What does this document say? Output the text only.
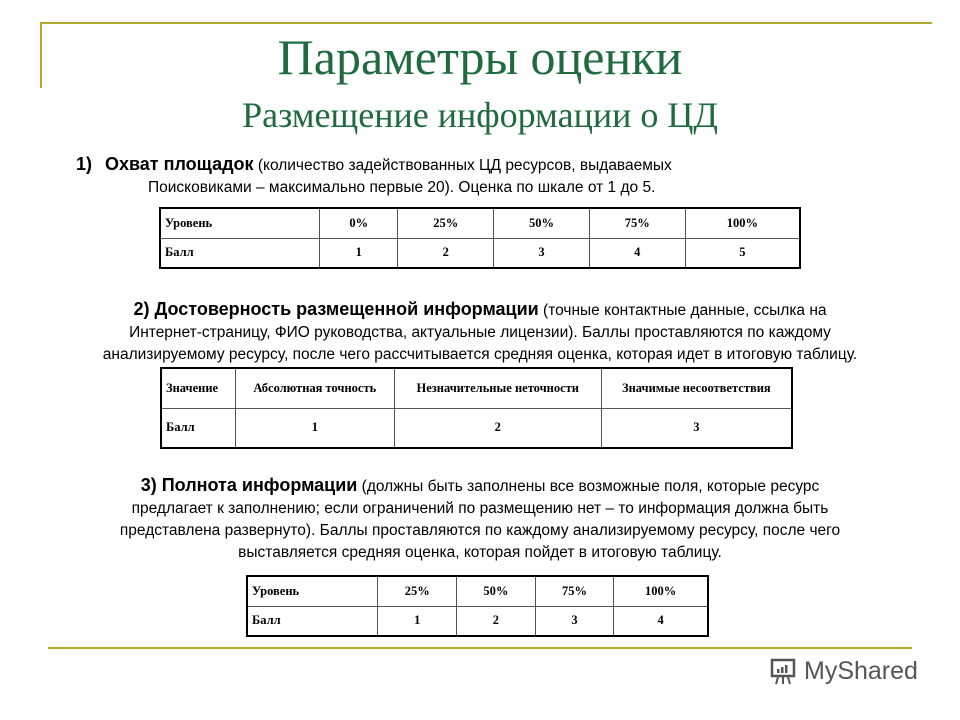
Параметры оценки
Размещение информации о ЦД
1) Охват площадок (количество задействованных ЦД ресурсов, выдаваемых
Поисковиками – максимально первые 20). Оценка по шкале от 1 до 5.
Уровень	0%	25%	50%	75%	100%
Балл	1	2	3	4	5
2) Достоверность размещенной информации (точные контактные данные, ссылка на
Интернет-страницу, ФИО руководства, актуальные лицензии). Баллы проставляются по каждому
анализируемому ресурсу, после чего рассчитывается средняя оценка, которая идет в итоговую таблицу.
Значение	Абсолютная точность	Незначительные неточности	Значимые несоответствия
Балл	1	2	3
3) Полнота информации (должны быть заполнены все возможные поля, которые ресурс
предлагает к заполнению; если ограничений по размещению нет – то информация должна быть
представлена развернуто). Баллы проставляются по каждому анализируемому ресурсу, после чего
выставляется средняя оценка, которая пойдет в итоговую таблицу.
Уровень	25%	50%	75%	100%
Балл	1	2	3	4
MyShared
